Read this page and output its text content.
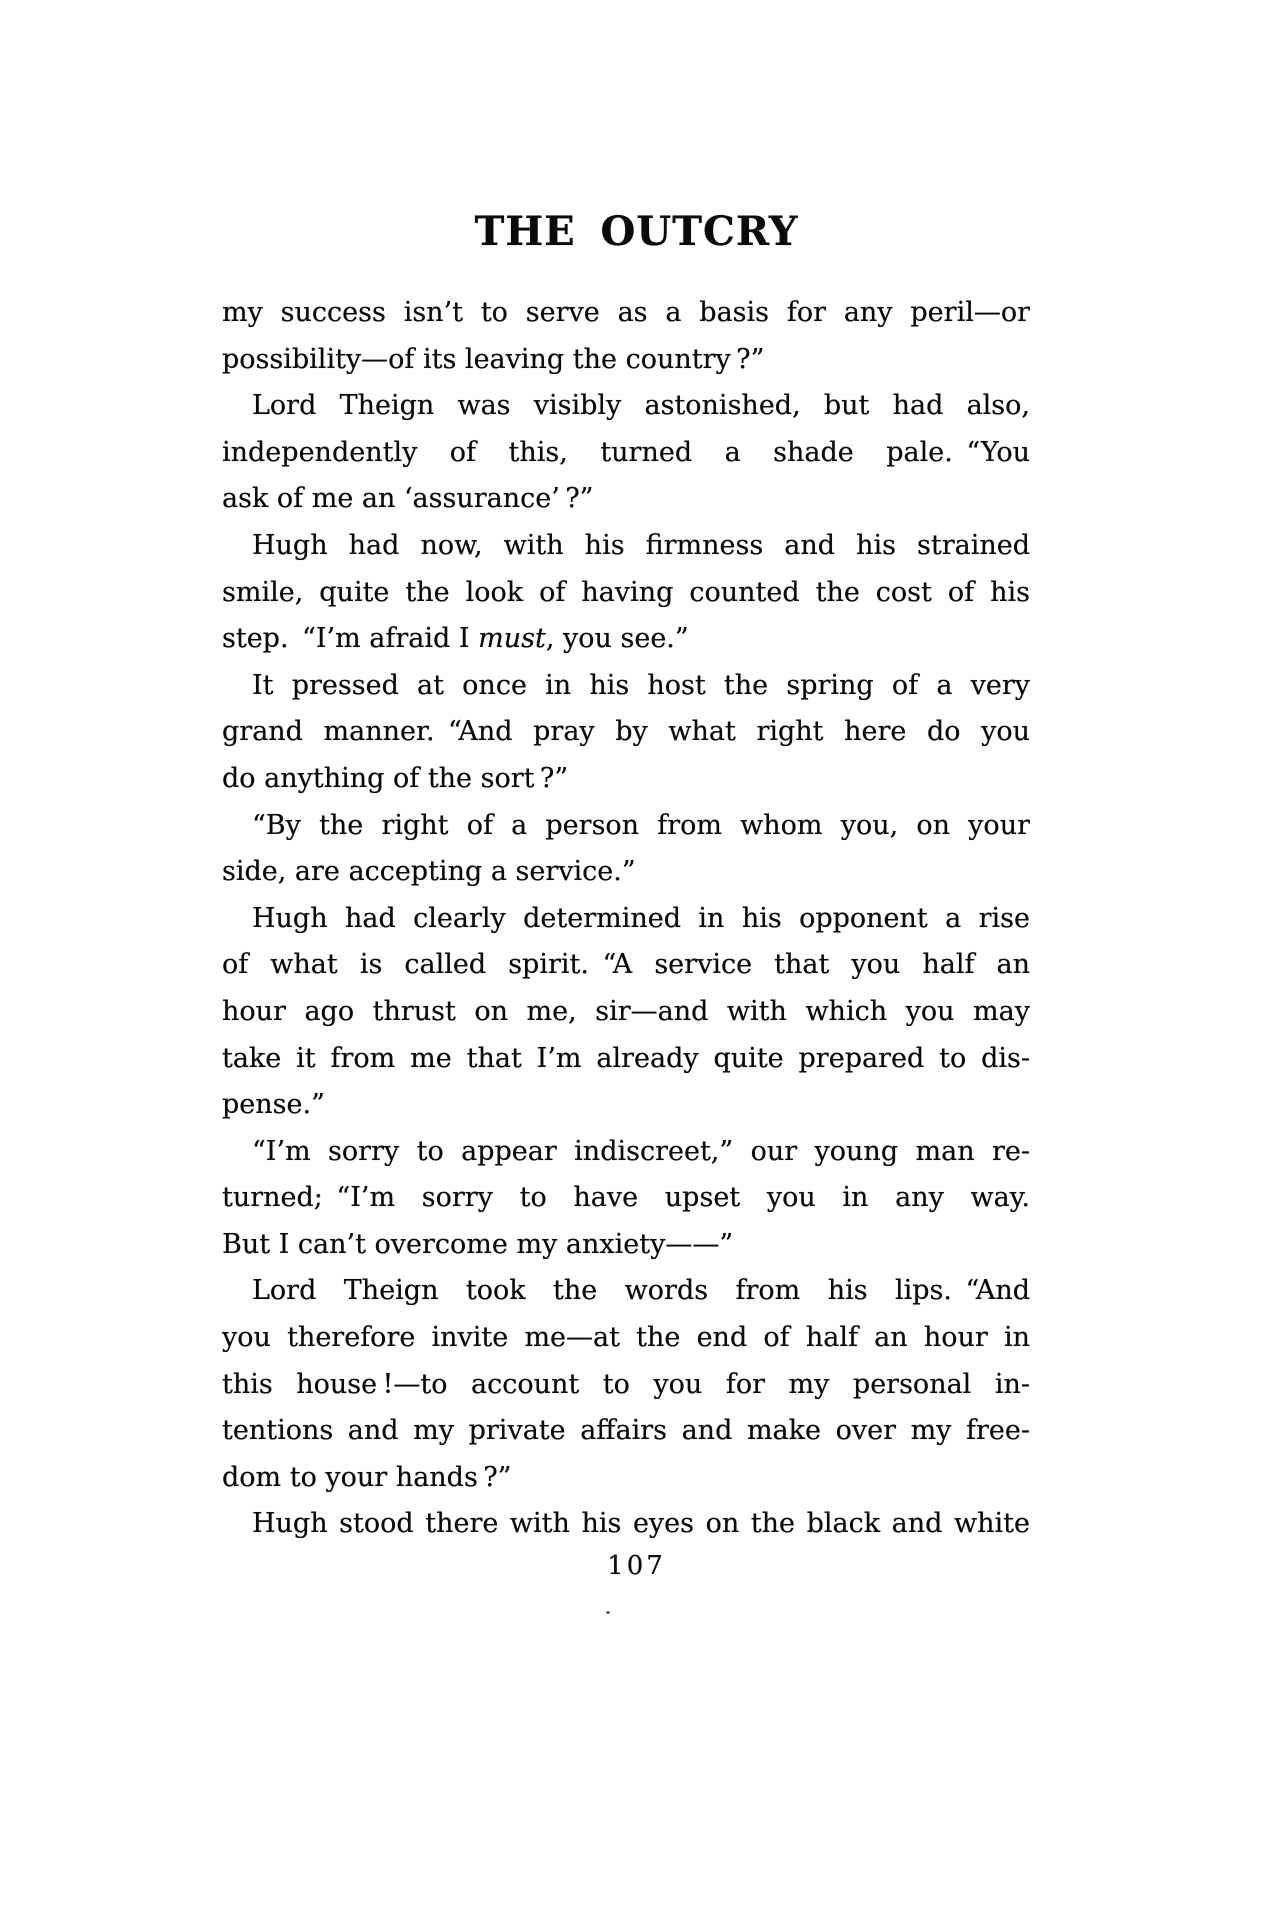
THE OUTCRY
my success isn’t to serve as a basis for any peril—or
possibility—of its leaving the country ?”
Lord Theign was visibly astonished, but had also,
independently of this, turned a shade pale. “You
ask of me an ‘assurance’ ?”
Hugh had now, with his firmness and his strained
smile, quite the look of having counted the cost of his
step. “I’m afraid I must, you see.”
It pressed at once in his host the spring of a very
grand manner. “And pray by what right here do you
do anything of the sort ?”
“By the right of a person from whom you, on your
side, are accepting a service.”
Hugh had clearly determined in his opponent a rise
of what is called spirit. “A service that you half an
hour ago thrust on me, sir—and with which you may
take it from me that I’m already quite prepared to dis-
pense.”
“I’m sorry to appear indiscreet,” our young man re-
turned; “I’m sorry to have upset you in any way.
But I can’t overcome my anxiety——”
Lord Theign took the words from his lips. “And
you therefore invite me—at the end of half an hour in
this house !—to account to you for my personal in-
tentions and my private affairs and make over my free-
dom to your hands ?”
Hugh stood there with his eyes on the black and white
107
